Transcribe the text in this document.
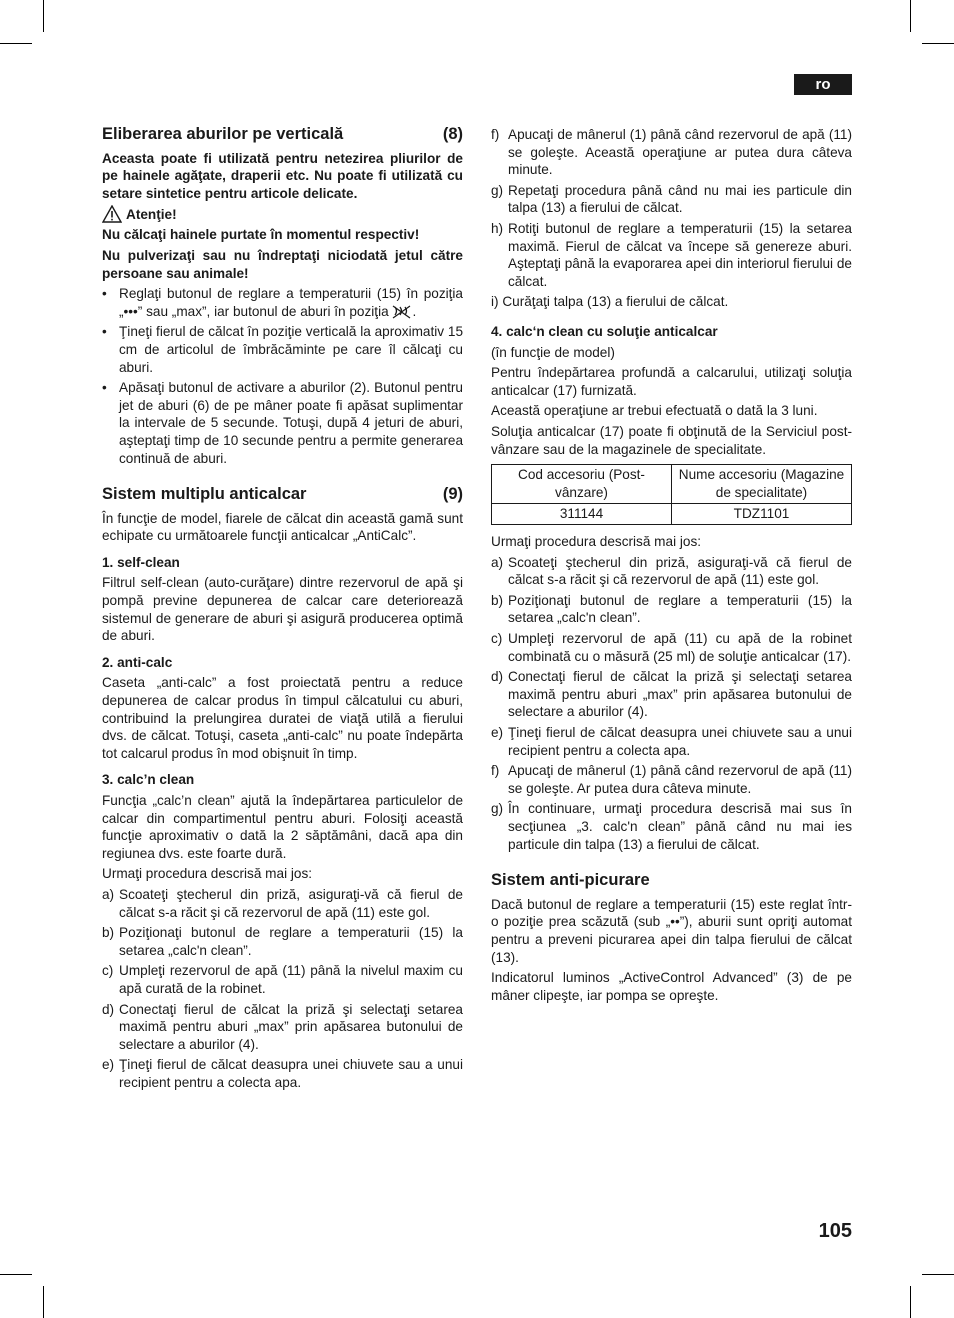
ro
Eliberarea aburilor pe verticală	(8)

Aceasta poate fi utilizată pentru netezirea pliurilor de pe hainele agăţate, draperii etc. Nu poate fi utilizată cu setare sintetice pentru articole delicate.

Atenţie!

Nu călcaţi hainele purtate în momentul respectiv!

Nu pulverizaţi sau nu îndreptaţi niciodată jetul către persoane sau animale!

• Reglaţi butonul de reglare a temperaturii (15) în poziţia „•••” sau „max”, iar butonul de aburi în poziţia .
• Ţineţi fierul de călcat în poziţie verticală la aproximativ 15 cm de articolul de îmbrăcăminte pe care îl călcaţi cu aburi.
• Apăsaţi butonul de activare a aburilor (2). Butonul pentru jet de aburi (6) de pe mâner poate fi apăsat suplimentar la intervale de 5 secunde. Totuşi, după 4 jeturi de aburi, aşteptaţi timp de 10 secunde pentru a permite generarea continuă de aburi.
Sistem multiplu anticalcar	(9)

În funcţie de model, fiarele de călcat din această gamă sunt echipate cu următoarele funcţii anticalcar „AntiCalc”.

1. self-clean

Filtrul self-clean (auto-curăţare) dintre rezervorul de apă şi pompă previne depunerea de calcar care deteriorează sistemul de generare de aburi şi asigură producerea optimă de aburi.

2. anti-calc

Caseta „anti-calc” a fost proiectată pentru a reduce depunerea de calcar produs în timpul călcatului cu aburi, contribuind la prelungirea duratei de viaţă utilă a fierului dvs. de călcat. Totuşi, caseta „anti-calc” nu poate îndepărta tot calcarul produs în mod obişnuit în timp.

3. calc’n clean

Funcţia „calc’n clean” ajută la îndepărtarea particulelor de calcar din compartimentul pentru aburi. Folosiţi această funcţie aproximativ o dată la 2 săptămâni, dacă apa din regiunea dvs. este foarte dură.

Urmaţi procedura descrisă mai jos:

a) Scoateţi ştecherul din priză, asiguraţi-vă că fierul de călcat s-a răcit şi că rezervorul de apă (11) este gol.
b) Poziţionaţi butonul de reglare a temperaturii (15) la setarea „calc'n clean”.
c) Umpleţi rezervorul de apă (11) până la nivelul maxim cu apă curată de la robinet.
d) Conectaţi fierul de călcat la priză şi selectaţi setarea maximă pentru aburi „max” prin apăsarea butonului de selectare a aburilor (4).
e) Ţineţi fierul de călcat deasupra unei chiuvete sau a unui recipient pentru a colecta apa.
f) Apucaţi de mânerul (1) până când rezervorul de apă (11) se goleşte. Această operaţiune ar putea dura câteva minute.
g) Repetaţi procedura până când nu mai ies particule din talpa (13) a fierului de călcat.
h) Rotiţi butonul de reglare a temperaturii (15) la setarea maximă. Fierul de călcat va începe să genereze aburi. Aşteptaţi până la evaporarea apei din interiorul fierului de călcat.

i) Curăţaţi talpa (13) a fierului de călcat.

4. calc‘n clean cu soluţie anticalcar

(în funcţie de model)

Pentru îndepărtarea profundă a calcarului, utilizaţi soluţia anticalcar (17) furnizată.

Această operaţiune ar trebui efectuată o dată la 3 luni.

Soluţia anticalcar (17) poate fi obţinută de la Serviciul post-vânzare sau de la magazinele de specialitate.

Cod accesoriu (Post-vânzare)	Nume accesoriu (Magazine de specialitate)
311144	TDZ1101

Urmaţi procedura descrisă mai jos:

a) Scoateţi ştecherul din priză, asiguraţi-vă că fierul de călcat s-a răcit şi că rezervorul de apă (11) este gol.
b) Poziţionaţi butonul de reglare a temperaturii (15) la setarea „calc'n clean”.
c) Umpleţi rezervorul de apă (11) cu apă de la robinet combinată cu o măsură (25 ml) de soluţie anticalcar (17).
d) Conectaţi fierul de călcat la priză şi selectaţi setarea maximă pentru aburi „max” prin apăsarea butonului de selectare a aburilor (4).
e) Ţineţi fierul de călcat deasupra unei chiuvete sau a unui recipient pentru a colecta apa.
f) Apucaţi de mânerul (1) până când rezervorul de apă (11) se goleşte. Ar putea dura câteva minute.
g) În continuare, urmaţi procedura descrisă mai sus în secţiunea „3. calc'n clean” până când nu mai ies particule din talpa (13) a fierului de călcat.
Sistem anti-picurare

Dacă butonul de reglare a temperaturii (15) este reglat într-o poziţie prea scăzută (sub „••”), aburii sunt opriţi automat pentru a preveni picurarea apei din talpa fierului de călcat (13).

Indicatorul luminos „ActiveControl Advanced” (3) de pe mâner clipeşte, iar pompa se opreşte.

105
